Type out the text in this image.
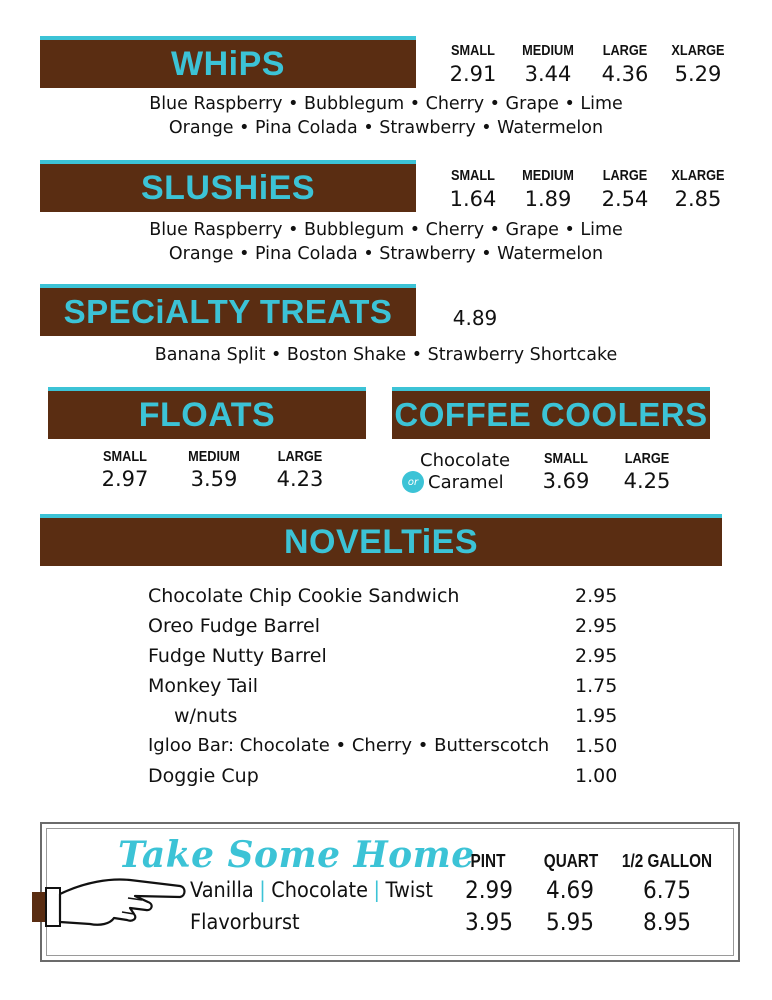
WHiPS	SMALL	MEDIUM	LARGE	XLARGE
2.91	3.44	4.36	5.29
Blue Raspberry • Bubblegum • Cherry • Grape • Lime
Orange • Pina Colada • Strawberry • Watermelon
SLUSHiES	SMALL	MEDIUM	LARGE	XLARGE
1.64	1.89	2.54	2.85
Blue Raspberry • Bubblegum • Cherry • Grape • Lime
Orange • Pina Colada • Strawberry • Watermelon
SPECiALTY TREATS	4.89
Banana Split • Boston Shake • Strawberry Shortcake
FLOATS
SMALL	MEDIUM	LARGE
2.97	3.59	4.23
COFFEE COOLERS
Chocolate
or Caramel
SMALL	LARGE
3.69	4.25
NOVELTiES
Chocolate Chip Cookie Sandwich	2.95
Oreo Fudge Barrel	2.95
Fudge Nutty Barrel	2.95
Monkey Tail	1.75
w/nuts	1.95
Igloo Bar: Chocolate • Cherry • Butterscotch 1.50
Doggie Cup	1.00
Take Some Home
PINT	QUART 1/2 GALLON
Vanilla | Chocolate | Twist 2.99 4.69	6.75
Flavorburst	3.95 5.95	8.95
